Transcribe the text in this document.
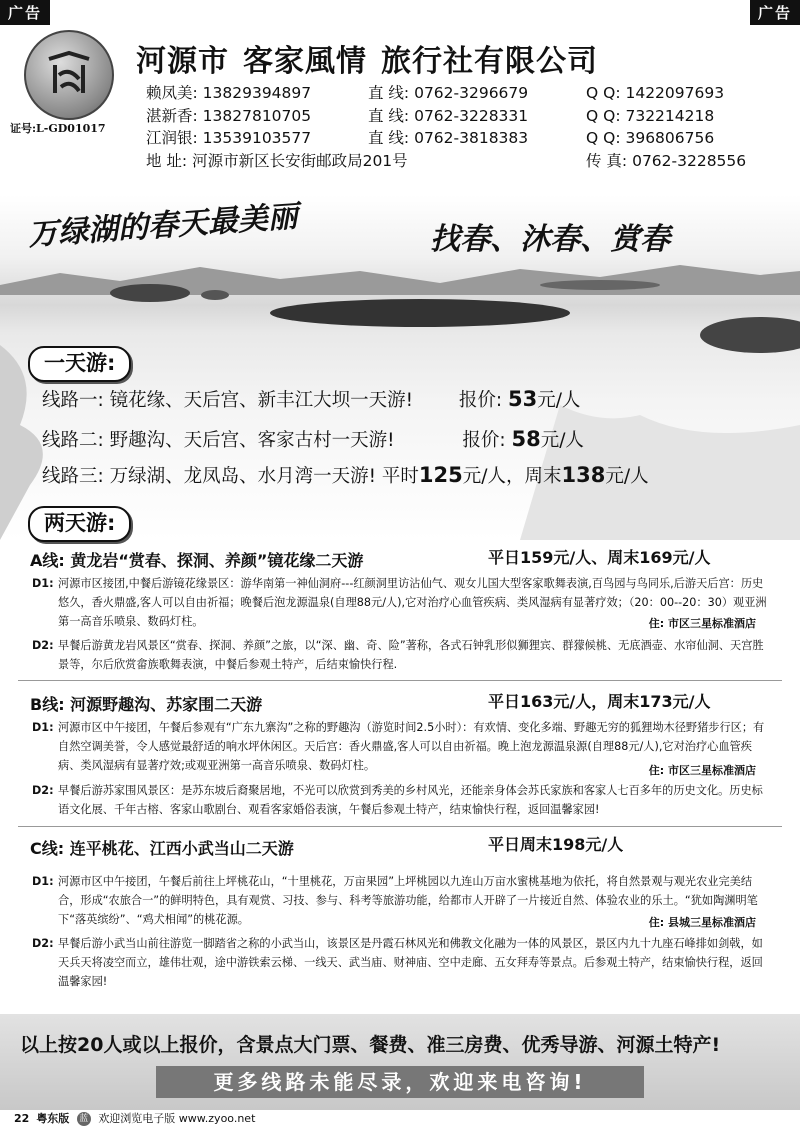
广告	广告
证号:L-GD01017
河源市 客家風情 旅行社有限公司
赖凤美: 13829394897	直 线: 0762-3296679	Q Q: 1422097693
湛新香: 13827810705	直 线: 0762-3228331	Q Q: 732214218
江润银: 13539103577	直 线: 0762-3818383	Q Q: 396806756
地 址: 河源市新区长安街邮政局201号	传 真: 0762-3228556
万绿湖的春天最美丽	找春、沐春、赏春
一天游:
线路一: 镜花缘、天后宫、新丰江大坝一天游! 报价: 53元/人
线路二: 野趣沟、天后宫、客家古村一天游!	报价: 58元/人
线路三: 万绿湖、龙凤岛、水月湾一天游! 平时125元/人，周末138元/人
两天游:
A线: 黄龙岩“赏春、探洞、养颜”镜花缘二天游	平日159元/人、周末169元/人
D1: 河源市区接团,中餐后游镜花缘景区：游华南第一神仙洞府---红颜洞里访沾仙气、观女儿国大型客家歌舞表演,百鸟园与鸟同乐,后游天后宫：历史悠久，香火鼎盛,客人可以自由祈福；晚餐后泡龙源温泉(自理88元/人),它对治疗心血管疾病、类风湿病有显著疗效；（20：00--20：30）观亚洲第一高音乐喷泉、数码灯柱。	住: 市区三星标准酒店
D2: 早餐后游黄龙岩风景区“赏春、探洞、养颜”之旅，以“深、幽、奇、险”著称，各式石钟乳形似狮狸宾、群獴候桃、无底酒壶、水帘仙洞、天宫胜景等，尔后欣赏畲族歌舞表演，中餐后参观土特产，后结束愉快行程.
B线: 河源野趣沟、苏家围二天游	平日163元/人，周末173元/人
D1: 河源市区中午接团，午餐后参观有“广东九寨沟”之称的野趣沟（游览时间2.5小时）：有欢情、变化多端、野趣无穷的狐狸坳木径野猪步行区；有自然空调美誉，令人感觉最舒适的响水坪休闲区。天后宫：香火鼎盛,客人可以自由祈福。晚上泡龙源温泉源(自理88元/人),它对治疗心血管疾病、类风湿病有显著疗效;或观亚洲第一高音乐喷泉、数码灯柱。	住: 市区三星标准酒店
D2: 早餐后游苏家围风景区：是苏东坡后裔聚居地，不光可以欣赏到秀美的乡村风光，还能亲身体会苏氏家族和客家人七百多年的历史文化。历史标语文化展、千年古榕、客家山歌剧台、观看客家婚俗表演，午餐后参观土特产，结束愉快行程，返回温馨家园!
C线: 连平桃花、江西小武当山二天游	平日周末198元/人
D1: 河源市区中午接团，午餐后前往上坪桃花山，“十里桃花，万亩果园”上坪桃园以九连山万亩水蜜桃基地为依托，将自然景观与观光农业完美结合，形成“农旅合一”的鲜明特色，具有观赏、习技、参与、科考等旅游功能，给都市人开辟了一片接近自然、体验农业的乐土。“犹如陶渊明笔下“落英缤纷”、“鸡犬相闻”的桃花源。	住: 县城三星标准酒店
D2: 早餐后游小武当山前往游览一脚踏省之称的小武当山，该景区是丹霞石林风光和佛教文化融为一体的风景区，景区内九十九座石峰排如剑戟，如天兵天将凌空而立，雄伟壮观，途中游铁索云梯、一线天、武当庙、财神庙、空中走廊、五女拜寿等景点。后参观土特产，结束愉快行程，返回温馨家园!
以上按20人或以上报价，含景点大门票、餐费、准三房费、优秀导游、河源土特产!
更多线路未能尽录，欢迎来电咨询!
22 粤东版 蓝 欢迎浏览电子版 www.zyoo.net
